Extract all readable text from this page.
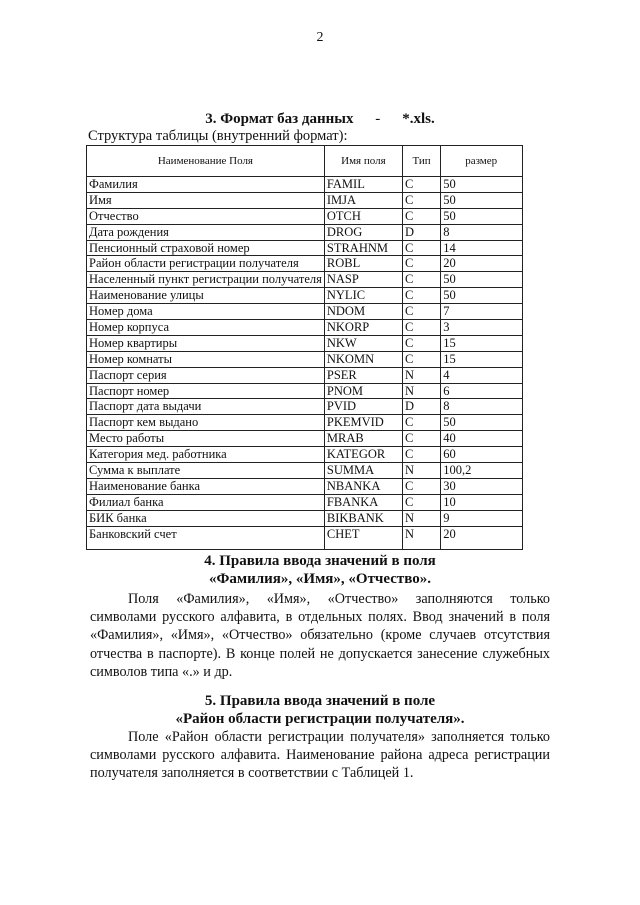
2
3. Формат баз данных - *.xls.
Структура таблицы (внутренний формат):
Наименование Поля	Имя поля	Тип	размер
Фамилия	FAMIL	C	50
Имя	IMJA	C	50
Отчество	OTCH	C	50
Дата рождения	DROG	D	8
Пенсионный страховой номер	STRAHNM	C	14
Район области регистрации получателя	ROBL	C	20
Населенный пункт регистрации получателя	NASP	C	50
Наименование улицы	NYLIC	C	50
Номер дома	NDOM	C	7
Номер корпуса	NKORP	C	3
Номер квартиры	NKW	C	15
Номер комнаты	NKOMN	C	15
Паспорт серия	PSER	N	4
Паспорт номер	PNOM	N	6
Паспорт дата выдачи	PVID	D	8
Паспорт кем выдано	PKEMVID	C	50
Место работы	MRAB	C	40
Категория мед. работника	KATEGOR	C	60
Сумма к выплате	SUMMA	N	100,2
Наименование банка	NBANKA	C	30
Филиал банка	FBANKA	C	10
БИК банка	BIKBANK	N	9
Банковский счет	CHET	N	20
4. Правила ввода значений в поля
«Фамилия», «Имя», «Отчество».
Поля «Фамилия», «Имя», «Отчество» заполняются только символами русского алфавита, в отдельных полях. Ввод значений в поля «Фамилия», «Имя», «Отчество» обязательно (кроме случаев отсутствия отчества в паспорте). В конце полей не допускается занесение служебных символов типа «.» и др.
5. Правила ввода значений в поле
«Район области регистрации получателя».
Поле «Район области регистрации получателя» заполняется только символами русского алфавита. Наименование района адреса регистрации получателя заполняется в соответствии с Таблицей 1.
